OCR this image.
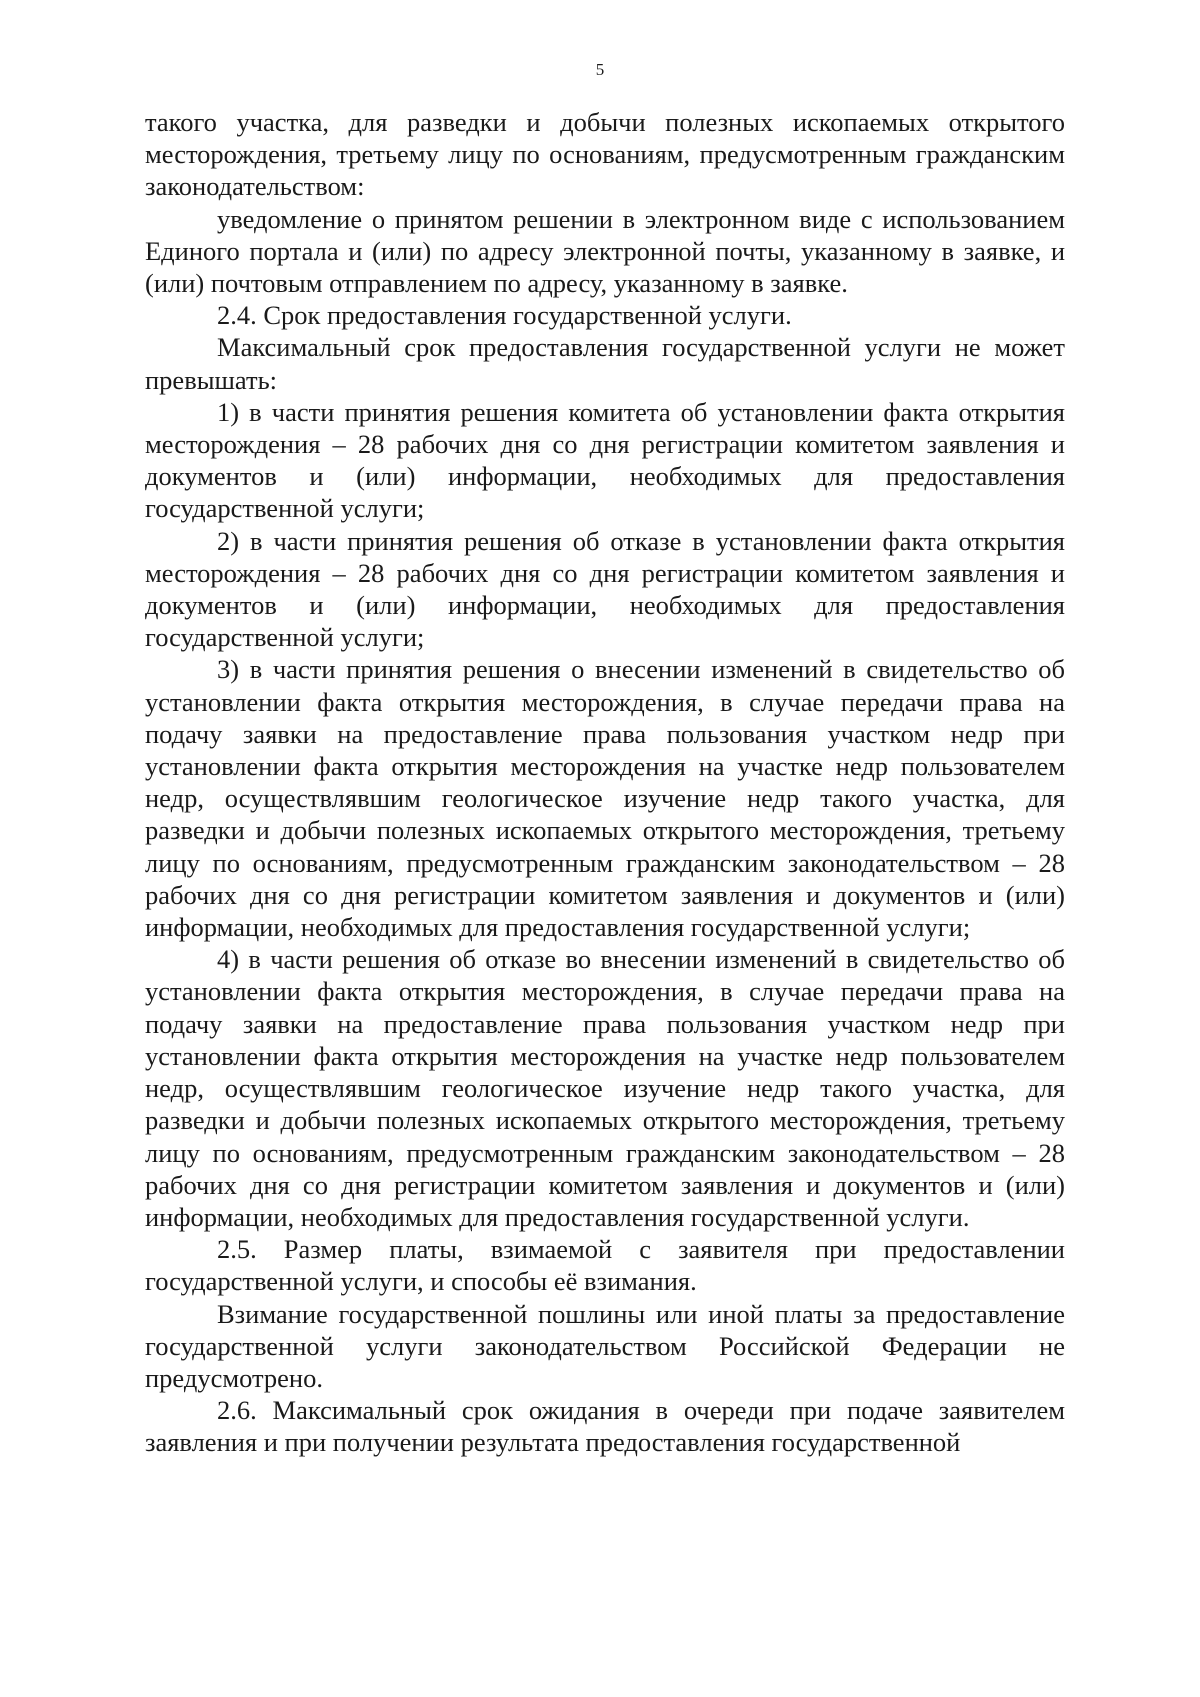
5

такого участка, для разведки и добычи полезных ископаемых открытого месторождения, третьему лицу по основаниям, предусмотренным гражданским законодательством:

уведомление о принятом решении в электронном виде с использованием Единого портала и (или) по адресу электронной почты, указанному в заявке, и (или) почтовым отправлением по адресу, указанному в заявке.

2.4. Срок предоставления государственной услуги.

Максимальный срок предоставления государственной услуги не может превышать:

1) в части принятия решения комитета об установлении факта открытия месторождения – 28 рабочих дня со дня регистрации комитетом заявления и документов и (или) информации, необходимых для предоставления государственной услуги;

2) в части принятия решения об отказе в установлении факта открытия месторождения – 28 рабочих дня со дня регистрации комитетом заявления и документов и (или) информации, необходимых для предоставления государственной услуги;

3) в части принятия решения о внесении изменений в свидетельство об установлении факта открытия месторождения, в случае передачи права на подачу заявки на предоставление права пользования участком недр при установлении факта открытия месторождения на участке недр пользователем недр, осуществлявшим геологическое изучение недр такого участка, для разведки и добычи полезных ископаемых открытого месторождения, третьему лицу по основаниям, предусмотренным гражданским законодательством – 28 рабочих дня со дня регистрации комитетом заявления и документов и (или) информации, необходимых для предоставления государственной услуги;

4) в части решения об отказе во внесении изменений в свидетельство об установлении факта открытия месторождения, в случае передачи права на подачу заявки на предоставление права пользования участком недр при установлении факта открытия месторождения на участке недр пользователем недр, осуществлявшим геологическое изучение недр такого участка, для разведки и добычи полезных ископаемых открытого месторождения, третьему лицу по основаниям, предусмотренным гражданским законодательством – 28 рабочих дня со дня регистрации комитетом заявления и документов и (или) информации, необходимых для предоставления государственной услуги.

2.5. Размер платы, взимаемой с заявителя при предоставлении государственной услуги, и способы её взимания.

Взимание государственной пошлины или иной платы за предоставление государственной услуги законодательством Российской Федерации не предусмотрено.

2.6. Максимальный срок ожидания в очереди при подаче заявителем заявления и при получении результата предоставления государственной
